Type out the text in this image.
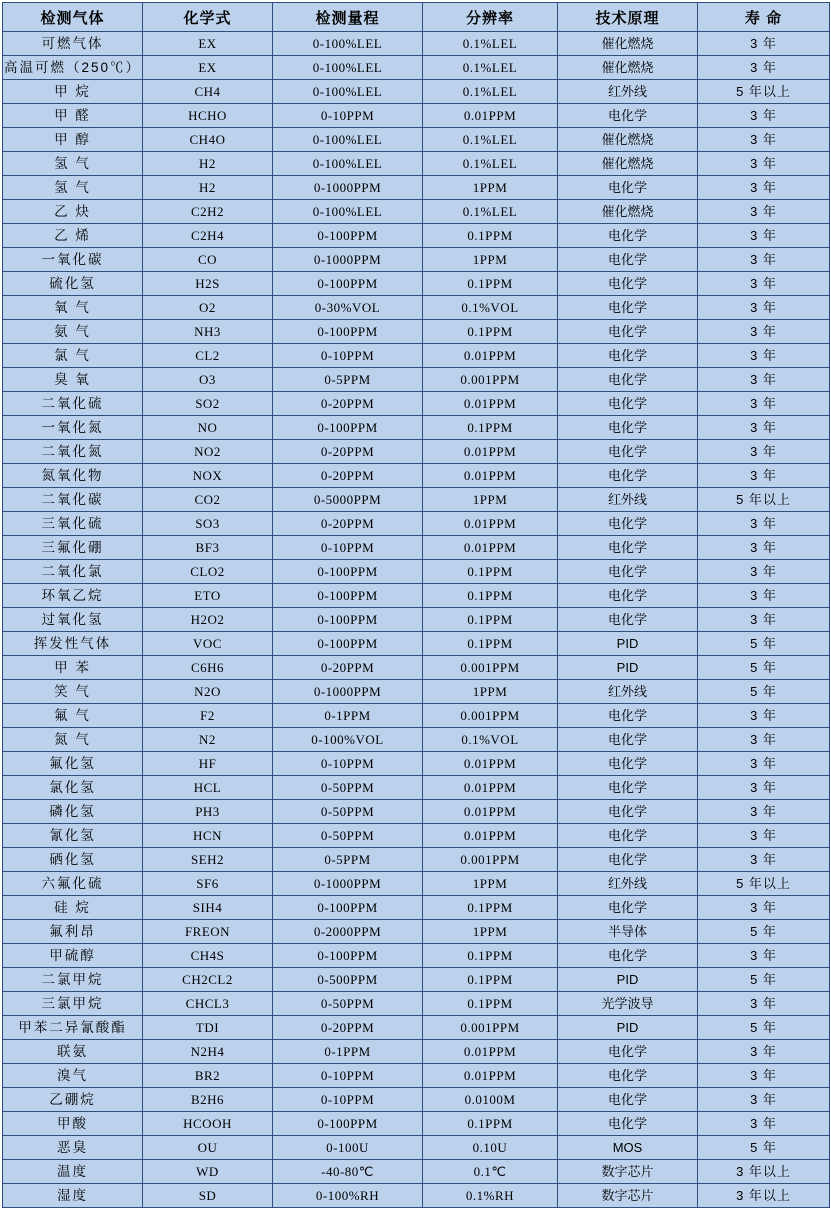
检测气体	化学式	检测量程	分辨率	技术原理	寿 命
可燃气体	EX	0-100%LEL	0.1%LEL	催化燃烧	3 年
高温可燃（250℃）	EX	0-100%LEL	0.1%LEL	催化燃烧	3 年
甲 烷	CH4	0-100%LEL	0.1%LEL	红外线	5 年以上
甲 醛	HCHO	0-10PPM	0.01PPM	电化学	3 年
甲 醇	CH4O	0-100%LEL	0.1%LEL	催化燃烧	3 年
氢 气	H2	0-100%LEL	0.1%LEL	催化燃烧	3 年
氢 气	H2	0-1000PPM	1PPM	电化学	3 年
乙 炔	C2H2	0-100%LEL	0.1%LEL	催化燃烧	3 年
乙 烯	C2H4	0-100PPM	0.1PPM	电化学	3 年
一氧化碳	CO	0-1000PPM	1PPM	电化学	3 年
硫化氢	H2S	0-100PPM	0.1PPM	电化学	3 年
氧 气	O2	0-30%VOL	0.1%VOL	电化学	3 年
氨 气	NH3	0-100PPM	0.1PPM	电化学	3 年
氯 气	CL2	0-10PPM	0.01PPM	电化学	3 年
臭 氧	O3	0-5PPM	0.001PPM	电化学	3 年
二氧化硫	SO2	0-20PPM	0.01PPM	电化学	3 年
一氧化氮	NO	0-100PPM	0.1PPM	电化学	3 年
二氧化氮	NO2	0-20PPM	0.01PPM	电化学	3 年
氮氧化物	NOX	0-20PPM	0.01PPM	电化学	3 年
二氧化碳	CO2	0-5000PPM	1PPM	红外线	5 年以上
三氧化硫	SO3	0-20PPM	0.01PPM	电化学	3 年
三氟化硼	BF3	0-10PPM	0.01PPM	电化学	3 年
二氧化氯	CLO2	0-100PPM	0.1PPM	电化学	3 年
环氧乙烷	ETO	0-100PPM	0.1PPM	电化学	3 年
过氧化氢	H2O2	0-100PPM	0.1PPM	电化学	3 年
挥发性气体	VOC	0-100PPM	0.1PPM	PID	5 年
甲 苯	C6H6	0-20PPM	0.001PPM	PID	5 年
笑 气	N2O	0-1000PPM	1PPM	红外线	5 年
氟 气	F2	0-1PPM	0.001PPM	电化学	3 年
氮 气	N2	0-100%VOL	0.1%VOL	电化学	3 年
氟化氢	HF	0-10PPM	0.01PPM	电化学	3 年
氯化氢	HCL	0-50PPM	0.01PPM	电化学	3 年
磷化氢	PH3	0-50PPM	0.01PPM	电化学	3 年
氰化氢	HCN	0-50PPM	0.01PPM	电化学	3 年
硒化氢	SEH2	0-5PPM	0.001PPM	电化学	3 年
六氟化硫	SF6	0-1000PPM	1PPM	红外线	5 年以上
硅 烷	SIH4	0-100PPM	0.1PPM	电化学	3 年
氟利昂	FREON	0-2000PPM	1PPM	半导体	5 年
甲硫醇	CH4S	0-100PPM	0.1PPM	电化学	3 年
二氯甲烷	CH2CL2	0-500PPM	0.1PPM	PID	5 年
三氯甲烷	CHCL3	0-50PPM	0.1PPM	光学波导	3 年
甲苯二异氰酸酯	TDI	0-20PPM	0.001PPM	PID	5 年
联氨	N2H4	0-1PPM	0.01PPM	电化学	3 年
溴气	BR2	0-10PPM	0.01PPM	电化学	3 年
乙硼烷	B2H6	0-10PPM	0.0100M	电化学	3 年
甲酸	HCOOH	0-100PPM	0.1PPM	电化学	3 年
恶臭	OU	0-100U	0.10U	MOS	5 年
温度	WD	-40-80℃	0.1℃	数字芯片	3 年以上
湿度	SD	0-100%RH	0.1%RH	数字芯片	3 年以上
